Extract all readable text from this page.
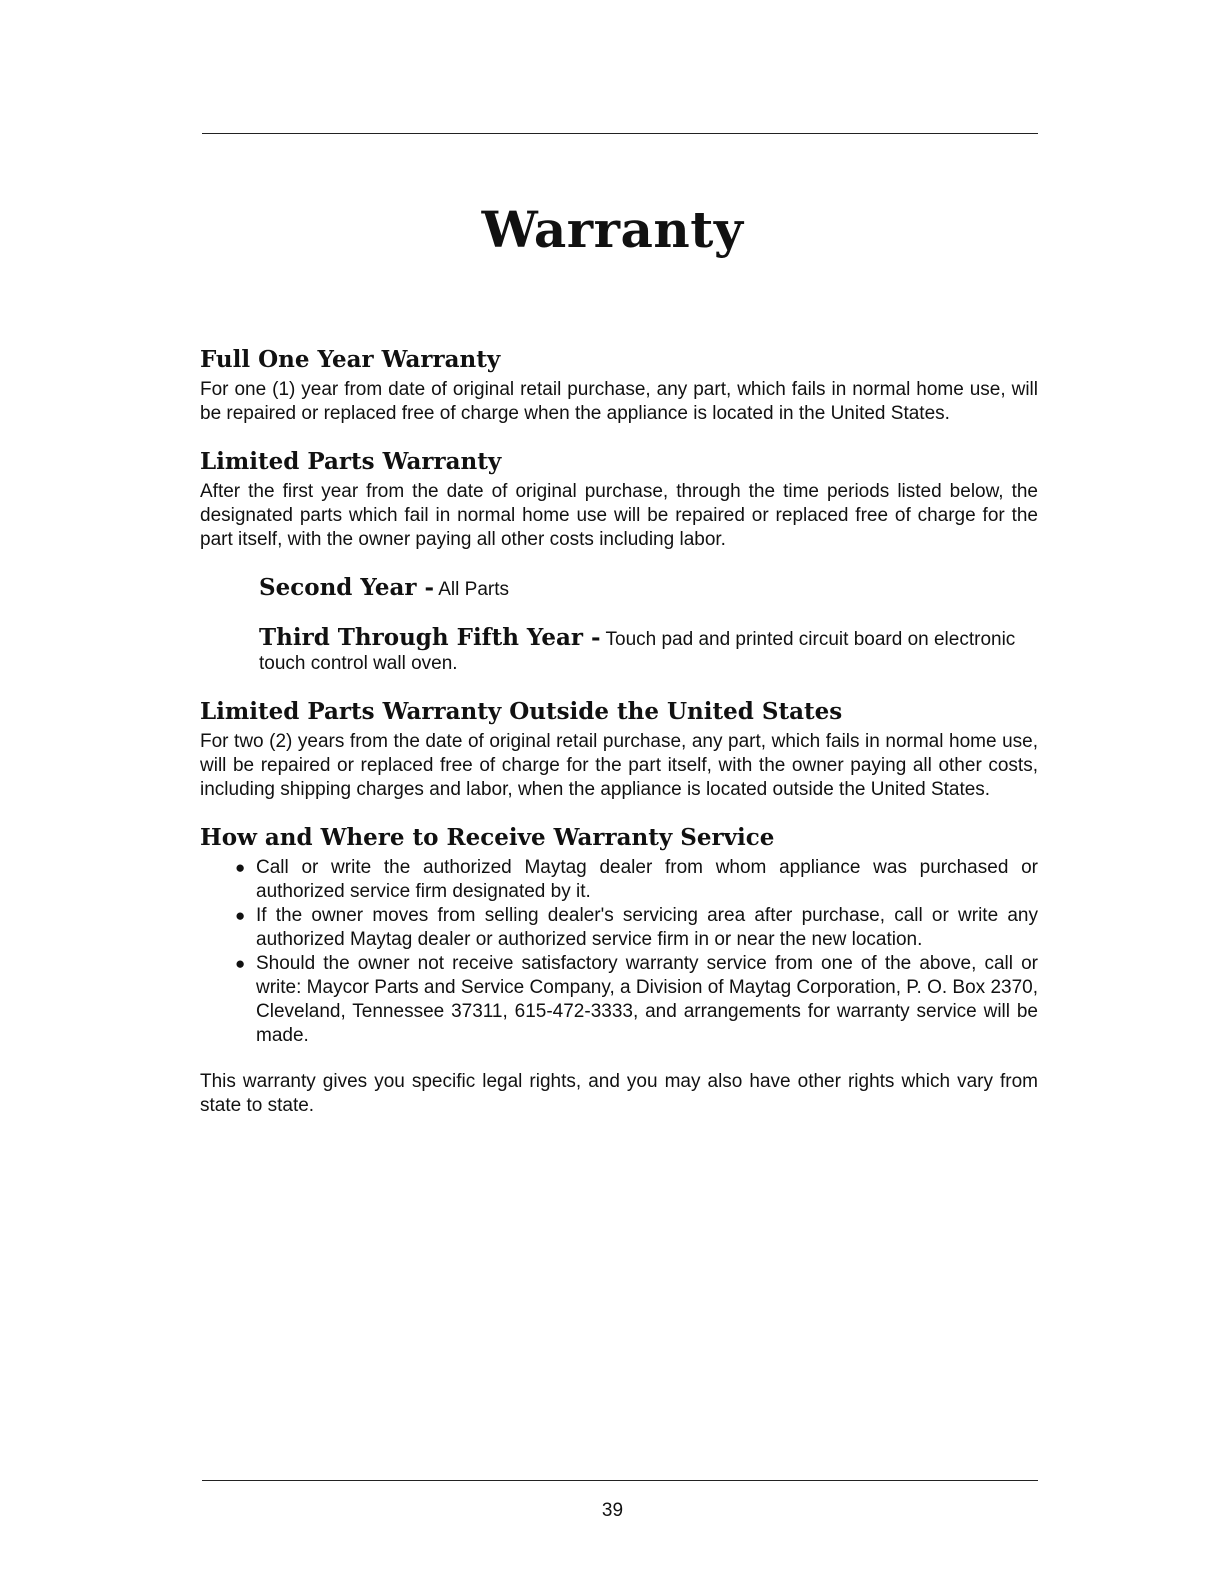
Warranty
Full One Year Warranty

For one (1) year from date of original retail purchase, any part, which fails in normal home use, will be repaired or replaced free of charge when the appliance is located in the United States.

Limited Parts Warranty

After the first year from the date of original purchase, through the time periods listed below, the designated parts which fail in normal home use will be repaired or replaced free of charge for the part itself, with the owner paying all other costs including labor.

Second Year - All Parts
Third Through Fifth Year - Touch pad and printed circuit board on electronic touch control wall oven.
Limited Parts Warranty Outside the United States

For two (2) years from the date of original retail purchase, any part, which fails in normal home use, will be repaired or replaced free of charge for the part itself, with the owner paying all other costs, including shipping charges and labor, when the appliance is located outside the United States.

How and Where to Receive Warranty Service
● Call or write the authorized Maytag dealer from whom appliance was purchased or authorized service firm designated by it.
● If the owner moves from selling dealer's servicing area after purchase, call or write any authorized Maytag dealer or authorized service firm in or near the new location.
● Should the owner not receive satisfactory warranty service from one of the above, call or write: Maycor Parts and Service Company, a Division of Maytag Corporation, P. O. Box 2370, Cleveland, Tennessee 37311, 615-472-3333, and arrangements for warranty service will be made.

This warranty gives you specific legal rights, and you may also have other rights which vary from state to state.

39
